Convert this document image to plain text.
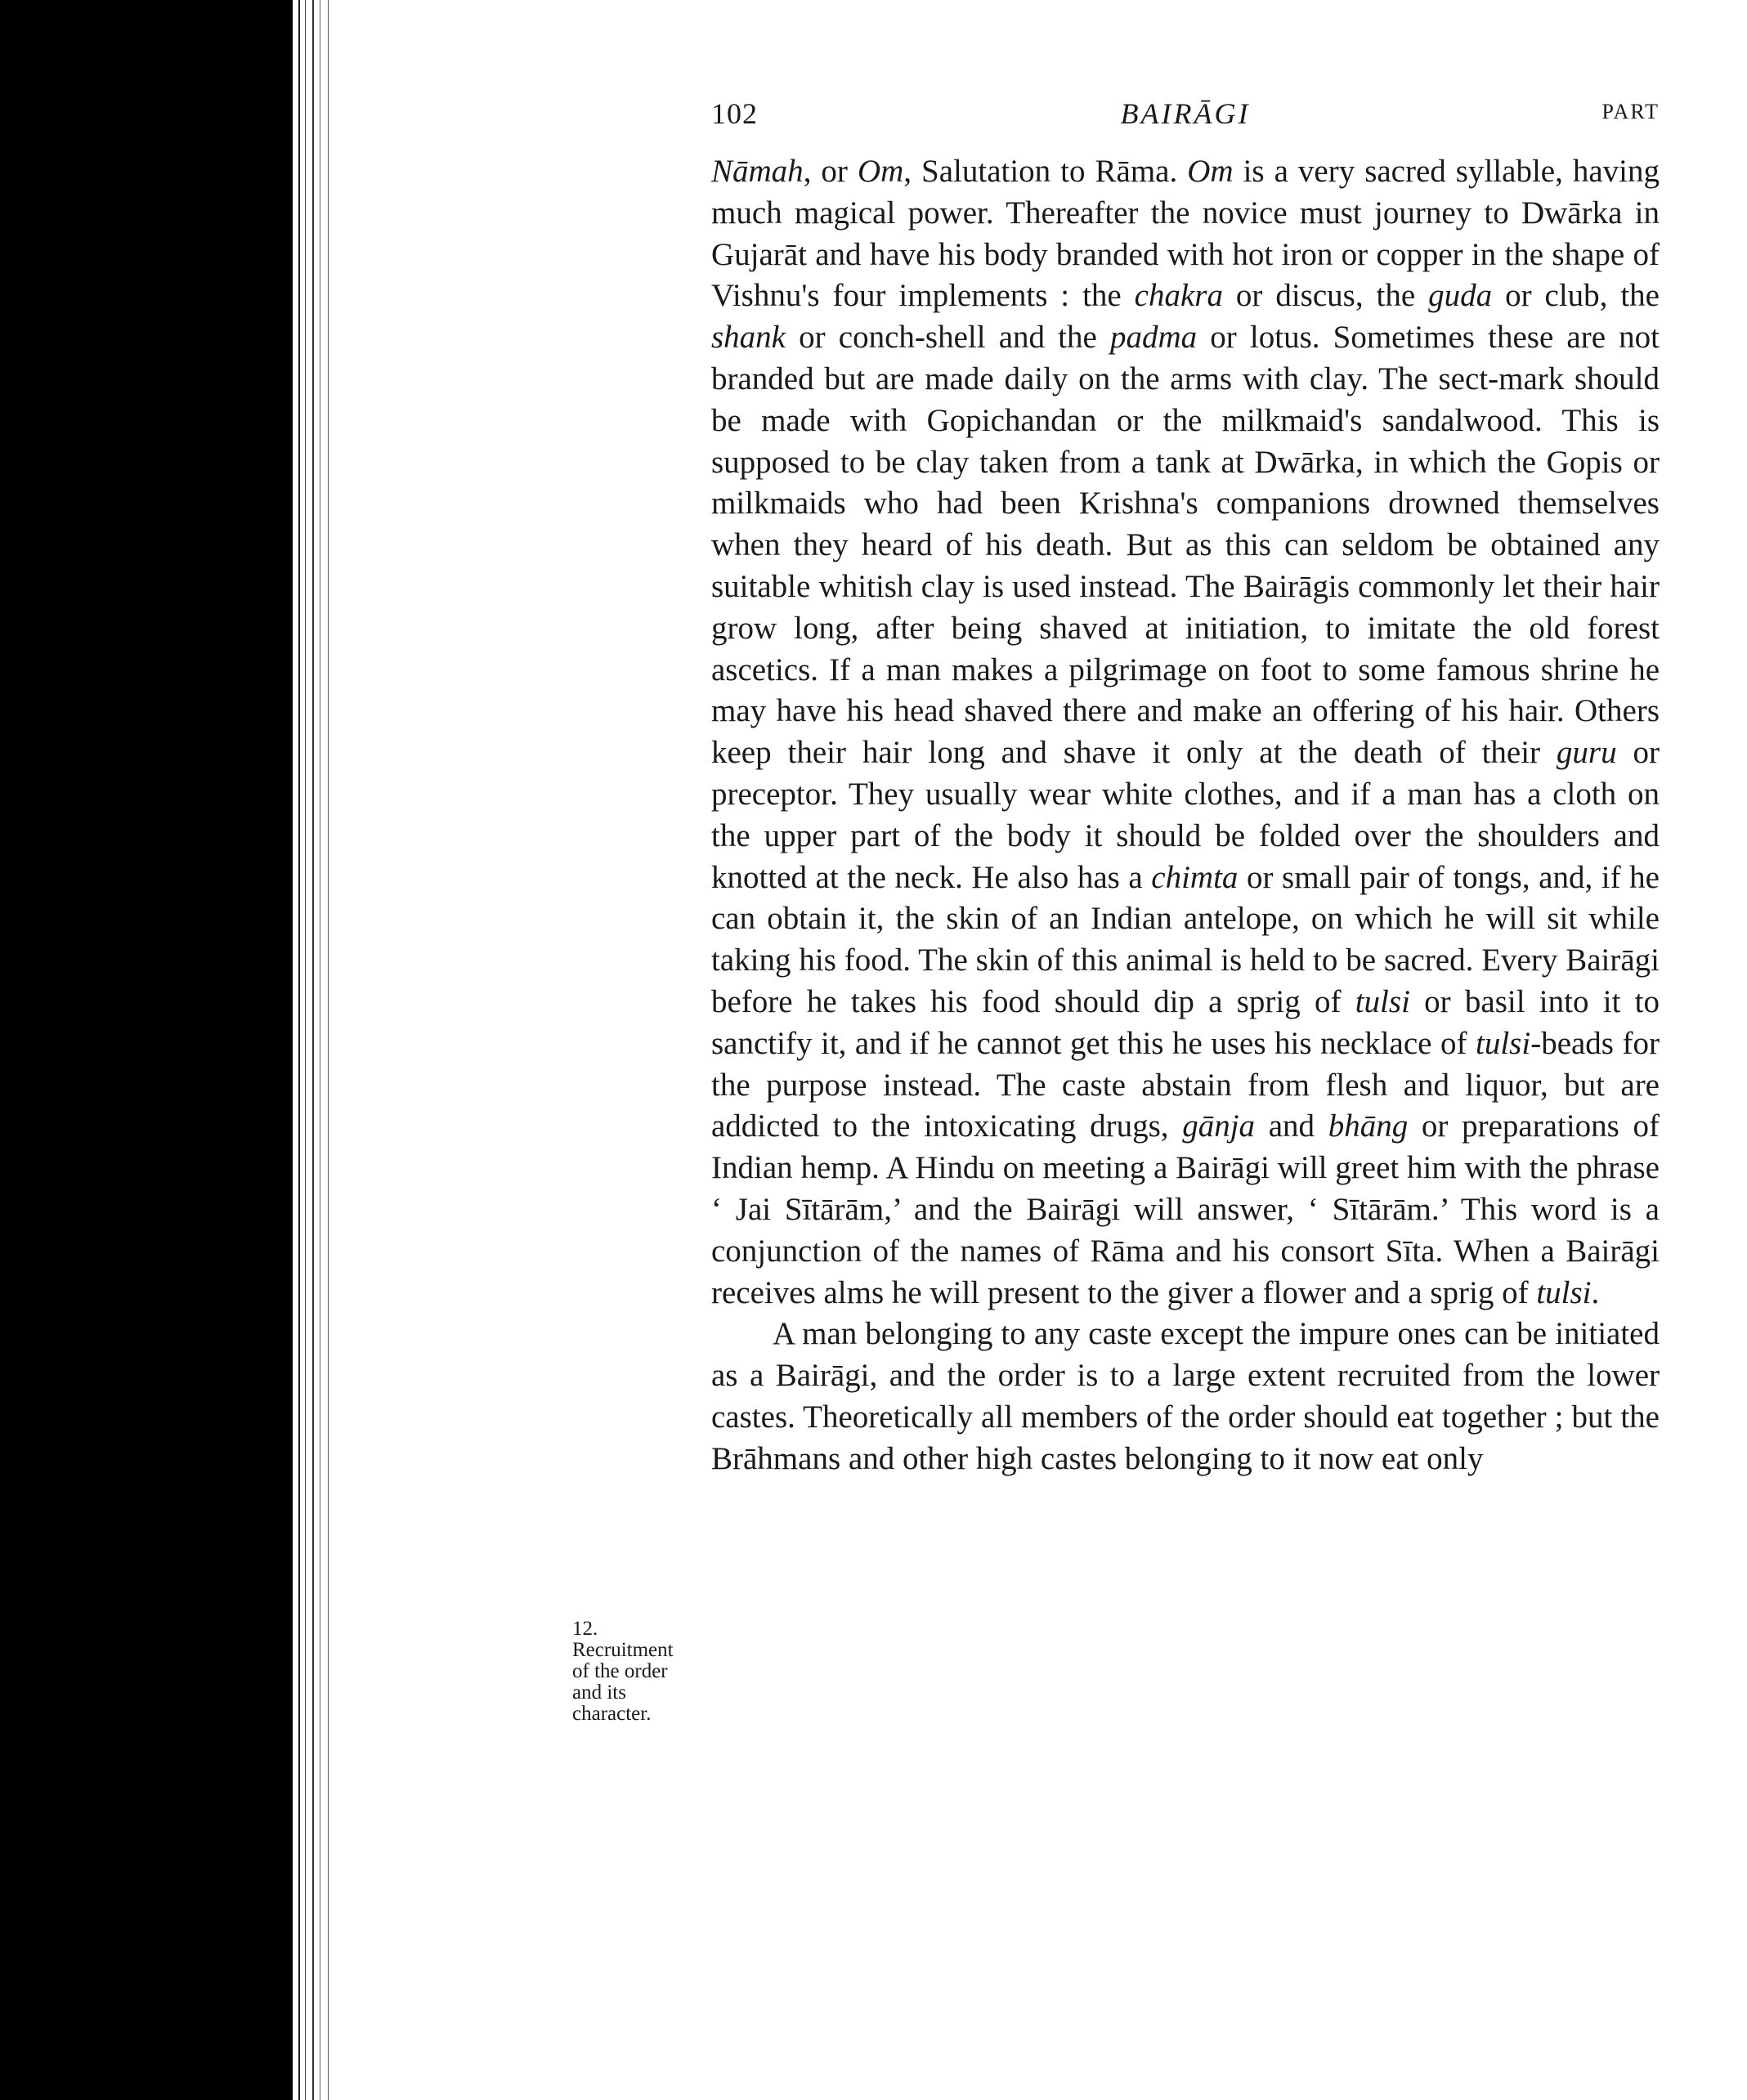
102	BAIRĀGI	PART

Nāmah, or Om, Salutation to Rāma. Om is a very sacred syllable, having much magical power. Thereafter the novice must journey to Dwārka in Gujarāt and have his body branded with hot iron or copper in the shape of Vishnu's four implements : the chakra or discus, the guda or club, the shank or conch-shell and the padma or lotus. Sometimes these are not branded but are made daily on the arms with clay. The sect-mark should be made with Gopichandan or the milkmaid's sandalwood. This is supposed to be clay taken from a tank at Dwārka, in which the Gopis or milkmaids who had been Krishna's companions drowned themselves when they heard of his death. But as this can seldom be obtained any suitable whitish clay is used instead. The Bairāgis commonly let their hair grow long, after being shaved at initiation, to imitate the old forest ascetics. If a man makes a pilgrimage on foot to some famous shrine he may have his head shaved there and make an offering of his hair. Others keep their hair long and shave it only at the death of their guru or preceptor. They usually wear white clothes, and if a man has a cloth on the upper part of the body it should be folded over the shoulders and knotted at the neck. He also has a chimta or small pair of tongs, and, if he can obtain it, the skin of an Indian antelope, on which he will sit while taking his food. The skin of this animal is held to be sacred. Every Bairāgi before he takes his food should dip a sprig of tulsi or basil into it to sanctify it, and if he cannot get this he uses his necklace of tulsi-beads for the purpose instead. The caste abstain from flesh and liquor, but are addicted to the intoxicating drugs, gānja and bhāng or preparations of Indian hemp. A Hindu on meeting a Bairāgi will greet him with the phrase ‘ Jai Sītārām,’ and the Bairāgi will answer, ‘ Sītārām.’ This word is a conjunction of the names of Rāma and his consort Sīta. When a Bairāgi receives alms he will present to the giver a flower and a sprig of tulsi.

A man belonging to any caste except the impure ones can be initiated as a Bairāgi, and the order is to a large extent recruited from the lower castes. Theoretically all members of the order should eat together ; but the Brāhmans and other high castes belonging to it now eat only

12. Recruitment of the order and its character.
